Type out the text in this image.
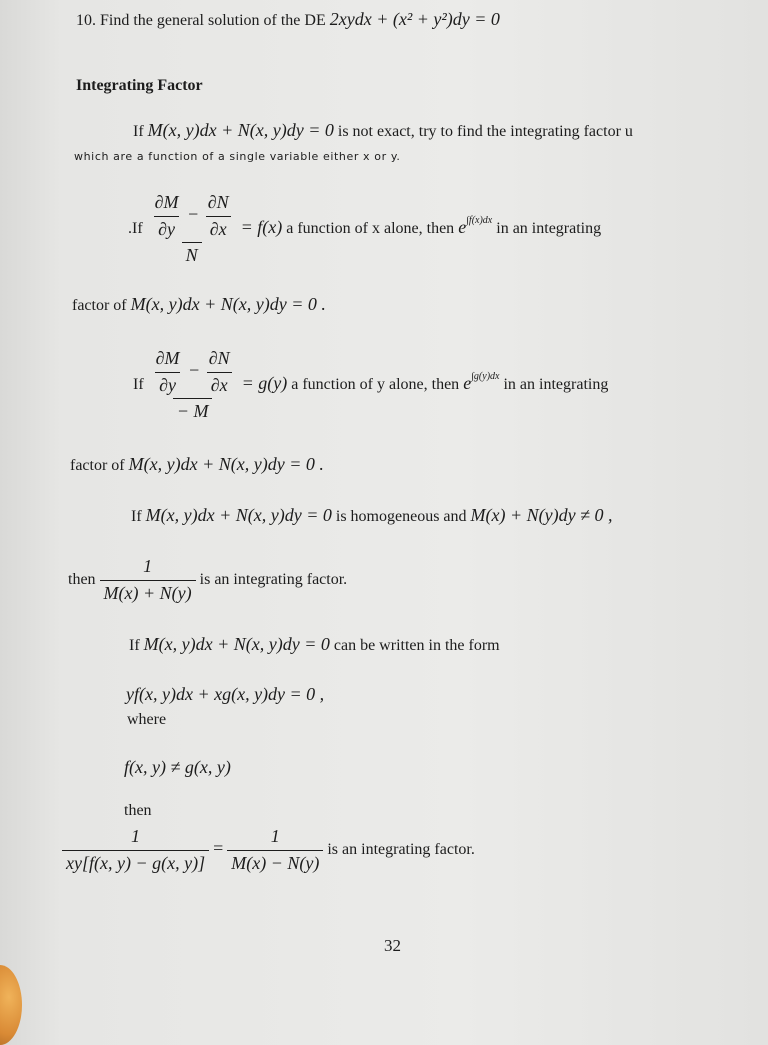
10. Find the general solution of the DE 2xydx + (x² + y²)dy = 0
Integrating Factor
If M(x, y)dx + N(x, y)dy = 0 is not exact, try to find the integrating factor u
which are a function of a single variable either x or y.
$.If \frac{\partial M}{\partial y} - \frac{\partial N}{\partial x}$
N
= f(x) a function of x alone, then $e^{\int f(x)dx}$ in an integrating
factor of M(x, y)dx + N(x, y)dy = 0 .
If $\frac{\partial M}{\partial y} - \frac{\partial N}{\partial x}$
− M
= g(y) a function of y alone, then $e^{\int g(y)dx}$ in an integrating
factor of M(x, y)dx + N(x, y)dy = 0 .
If M(x, y)dx + N(x, y)dy = 0 is homogeneous and M(x) + N(y)dy ≠ 0 ,
then $\frac{1}{M(x) + N(y)}$ is an integrating factor.
If M(x, y)dx + N(x, y)dy = 0 can be written in the form
yf(x, y)dx + xg(x, y)dy = 0 ,
where
f(x, y) ≠ g(x, y)
then
$\frac{1}{xy[f(x, y) - g(x, y)]} = \frac{1}{M(x) - N(y)}$ is an integrating factor.
32
